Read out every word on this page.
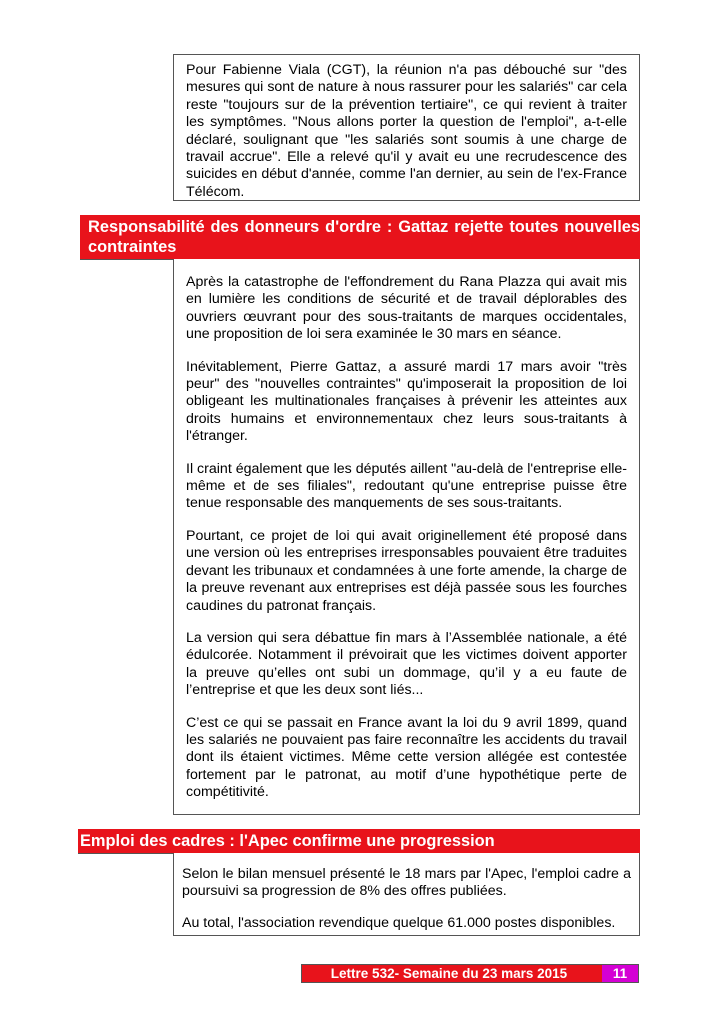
Pour Fabienne Viala (CGT), la réunion n'a pas débouché sur "des mesures qui sont de nature à nous rassurer pour les salariés" car cela reste "toujours sur de la prévention tertiaire", ce qui revient à traiter les symptômes. "Nous allons porter la question de l'emploi", a-t-elle déclaré, soulignant que "les salariés sont soumis à une charge de travail accrue". Elle a relevé qu'il y avait eu une recrudescence des suicides en début d'année, comme l'an dernier, au sein de l'ex-France Télécom.

Responsabilité des donneurs d'ordre : Gattaz rejette toutes nouvelles contraintes

Après la catastrophe de l'effondrement du Rana Plazza qui avait mis en lumière les conditions de sécurité et de travail déplorables des ouvriers œuvrant pour des sous-traitants de marques occidentales, une proposition de loi sera examinée le 30 mars en séance.

Inévitablement, Pierre Gattaz, a assuré mardi 17 mars avoir "très peur" des "nouvelles contraintes" qu'imposerait la proposition de loi obligeant les multinationales françaises à prévenir les atteintes aux droits humains et environnementaux chez leurs sous-traitants à l'étranger.

Il craint également que les députés aillent "au-delà de l'entreprise elle-même et de ses filiales", redoutant qu'une entreprise puisse être tenue responsable des manquements de ses sous-traitants.

Pourtant, ce projet de loi qui avait originellement été proposé dans une version où les entreprises irresponsables pouvaient être traduites devant les tribunaux et condamnées à une forte amende, la charge de la preuve revenant aux entreprises est déjà passée sous les fourches caudines du patronat français.

La version qui sera débattue fin mars à l’Assemblée nationale, a été édulcorée. Notamment il prévoirait que les victimes doivent apporter la preuve qu’elles ont subi un dommage, qu’il y a eu faute de l’entreprise et que les deux sont liés...

C’est ce qui se passait en France avant la loi du 9 avril 1899, quand les salariés ne pouvaient pas faire reconnaître les accidents du travail dont ils étaient victimes. Même cette version allégée est contestée fortement par le patronat, au motif d’une hypothétique perte de compétitivité.

Emploi des cadres : l'Apec confirme une progression

Selon le bilan mensuel présenté le 18 mars par l'Apec, l'emploi cadre a poursuivi sa progression de 8% des offres publiées.

Au total, l'association revendique quelque 61.000 postes disponibles.

Lettre 532- Semaine du 23 mars 2015	11
